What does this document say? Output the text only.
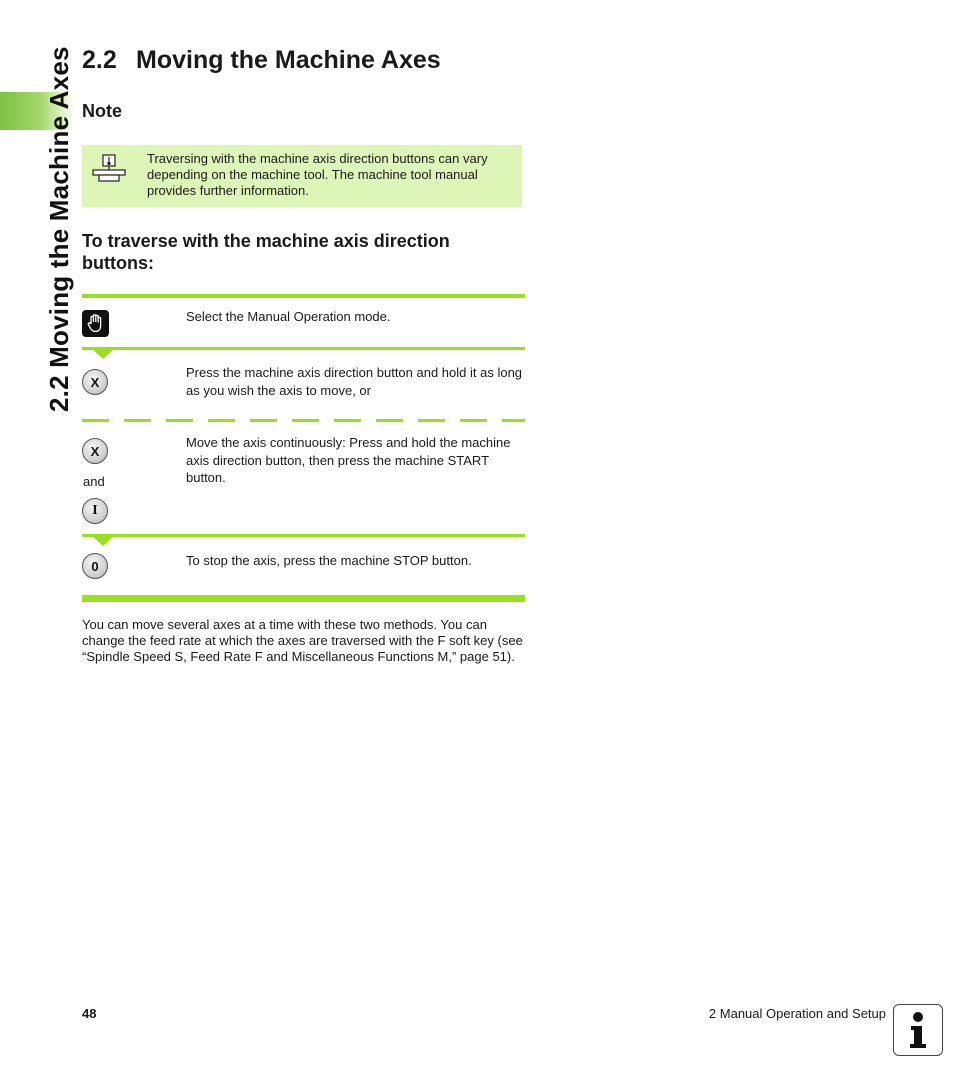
2.2 Moving the Machine Axes 2.2 Moving the Machine Axes
Note
Traversing with the machine axis direction buttons can vary depending on the machine tool. The machine tool manual provides further information.
To traverse with the machine axis direction buttons:
Select the Manual Operation mode.
X
Press the machine axis direction button and hold it as long as you wish the axis to move, or
X
and
I
Move the axis continuously: Press and hold the machine axis direction button, then press the machine START button.
0	To stop the axis, press the machine STOP button.
You can move several axes at a time with these two methods. You can change the feed rate at which the axes are traversed with the F soft key (see “Spindle Speed S, Feed Rate F and Miscellaneous Functions M,” page 51).
48	2 Manual Operation and Setup
